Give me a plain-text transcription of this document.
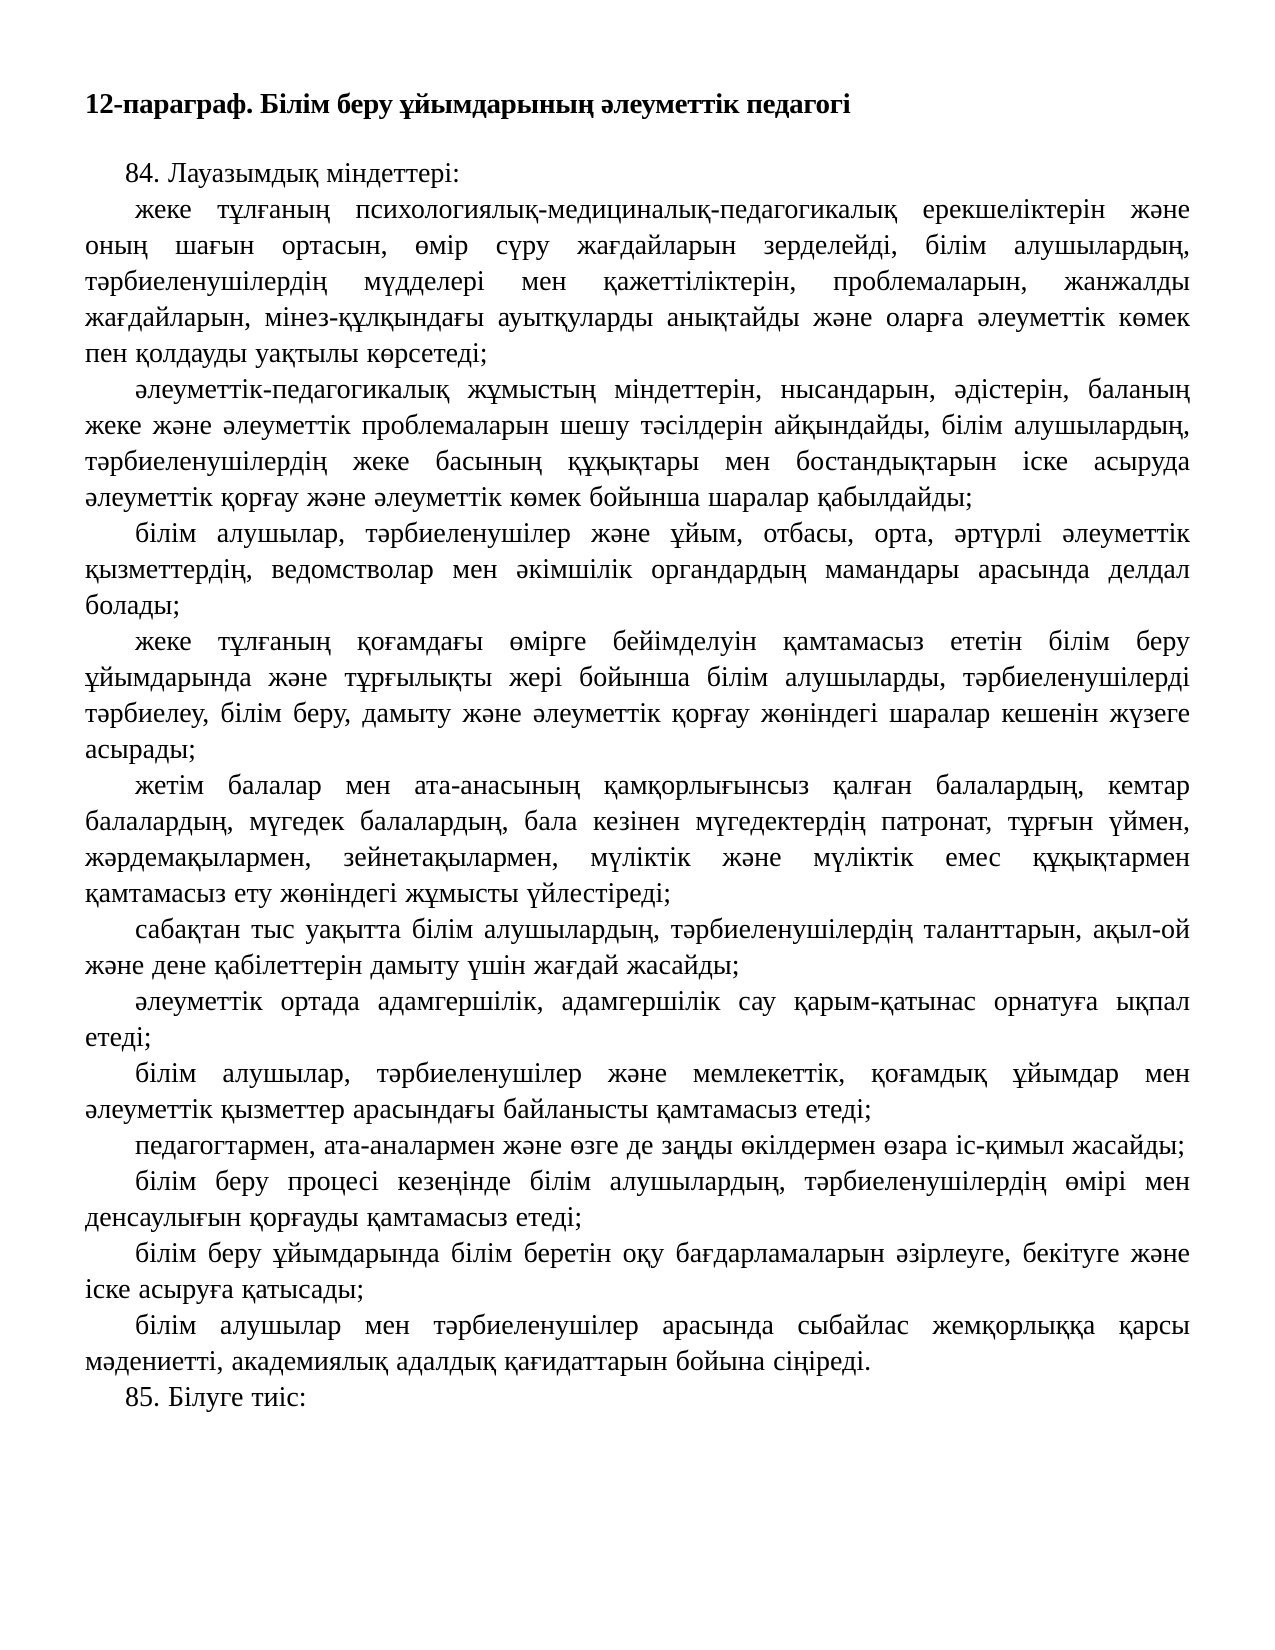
12-параграф. Білім беру ұйымдарының әлеуметтік педагогі

84. Лауазымдық міндеттері:

жеке тұлғаның психологиялық-медициналық-педагогикалық ерекшеліктерін және оның шағын ортасын, өмір сүру жағдайларын зерделейді, білім алушылардың, тәрбиеленушілердің мүдделері мен қажеттіліктерін, проблемаларын, жанжалды жағдайларын, мінез-құлқындағы ауытқуларды анықтайды және оларға әлеуметтік көмек пен қолдауды уақтылы көрсетеді;

әлеуметтік-педагогикалық жұмыстың міндеттерін, нысандарын, әдістерін, баланың жеке және әлеуметтік проблемаларын шешу тәсілдерін айқындайды, білім алушылардың, тәрбиеленушілердің жеке басының құқықтары мен бостандықтарын іске асыруда әлеуметтік қорғау және әлеуметтік көмек бойынша шаралар қабылдайды;

білім алушылар, тәрбиеленушілер және ұйым, отбасы, орта, әртүрлі әлеуметтік қызметтердің, ведомстволар мен әкімшілік органдардың мамандары арасында делдал болады;

жеке тұлғаның қоғамдағы өмірге бейімделуін қамтамасыз ететін білім беру ұйымдарында және тұрғылықты жері бойынша білім алушыларды, тәрбиеленушілерді тәрбиелеу, білім беру, дамыту және әлеуметтік қорғау жөніндегі шаралар кешенін жүзеге асырады;

жетім балалар мен ата-анасының қамқорлығынсыз қалған балалардың, кемтар балалардың, мүгедек балалардың, бала кезінен мүгедектердің патронат, тұрғын үймен, жәрдемақылармен, зейнетақылармен, мүліктік және мүліктік емес құқықтармен қамтамасыз ету жөніндегі жұмысты үйлестіреді;

сабақтан тыс уақытта білім алушылардың, тәрбиеленушілердің таланттарын, ақыл-ой және дене қабілеттерін дамыту үшін жағдай жасайды;

әлеуметтік ортада адамгершілік, адамгершілік сау қарым-қатынас орнатуға ықпал етеді;

білім алушылар, тәрбиеленушілер және мемлекеттік, қоғамдық ұйымдар мен әлеуметтік қызметтер арасындағы байланысты қамтамасыз етеді;

педагогтармен, ата-аналармен және өзге де заңды өкілдермен өзара іс-қимыл жасайды;

білім беру процесі кезеңінде білім алушылардың, тәрбиеленушілердің өмірі мен денсаулығын қорғауды қамтамасыз етеді;

білім беру ұйымдарында білім беретін оқу бағдарламаларын әзірлеуге, бекітуге және іске асыруға қатысады;

білім алушылар мен тәрбиеленушілер арасында сыбайлас жемқорлыққа қарсы мәдениетті, академиялық адалдық қағидаттарын бойына сіңіреді.

85. Білуге тиіс:
